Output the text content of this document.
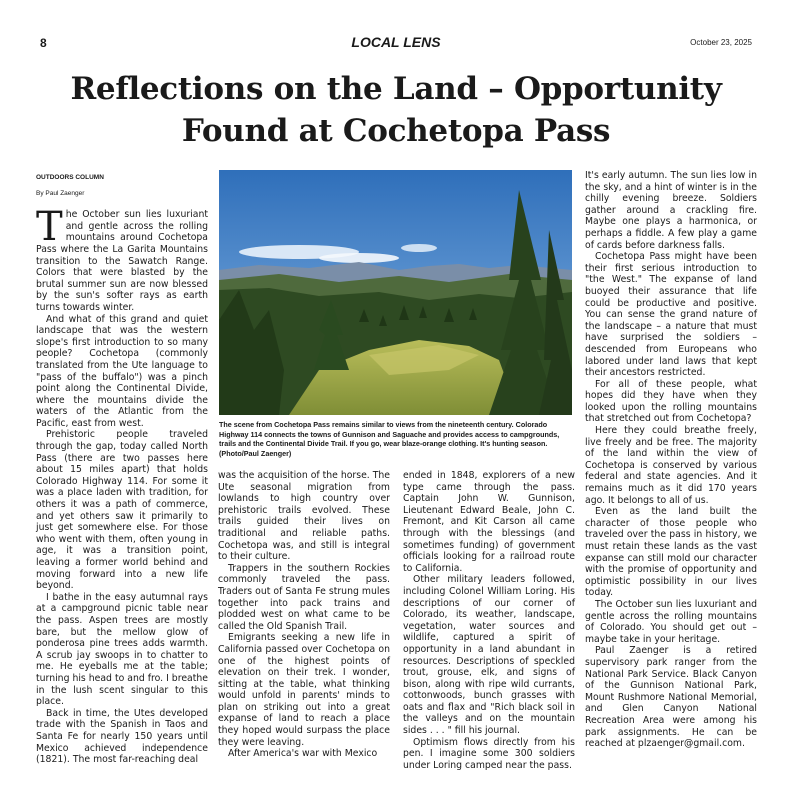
8	LOCAL LENS	October 23, 2025
Reflections on the Land – Opportunity Found at Cochetopa Pass
OUTDOORS COLUMN
By Paul Zaenger

The October sun lies luxuriant and gentle across the rolling mountains around Cochetopa Pass where the La Garita Mountains transition to the Sawatch Range. Colors that were blasted by the brutal summer sun are now blessed by the sun's softer rays as earth turns towards winter.

And what of this grand and quiet landscape that was the western slope's first introduction to so many people? Cochetopa (commonly translated from the Ute language to "pass of the buffalo") was a pinch point along the Continental Divide, where the mountains divide the waters of the Atlantic from the Pacific, east from west.

Prehistoric people traveled through the gap, today called North Pass (there are two passes here about 15 miles apart) that holds Colorado Highway 114. For some it was a place laden with tradition, for others it was a path of commerce, and yet others saw it primarily to just get somewhere else. For those who went with them, often young in age, it was a transition point, leaving a former world behind and moving forward into a new life beyond.

I bathe in the easy autumnal rays at a campground picnic table near the pass. Aspen trees are mostly bare, but the mellow glow of ponderosa pine trees adds warmth. A scrub jay swoops in to chatter to me. He eyeballs me at the table; turning his head to and fro. I breathe in the lush scent singular to this place.

Back in time, the Utes developed trade with the Spanish in Taos and Santa Fe for nearly 150 years until Mexico achieved independence (1821). The most far-reaching deal

The scene from Cochetopa Pass remains similar to views from the nineteenth century. Colorado Highway 114 connects the towns of Gunnison and Saguache and provides access to campgrounds, trails and the Continental Divide Trail. If you go, wear blaze-orange clothing. It's hunting season. (Photo/Paul Zaenger)

was the acquisition of the horse. The Ute seasonal migration from lowlands to high country over prehistoric trails evolved. These trails guided their lives on traditional and reliable paths. Cochetopa was, and still is integral to their culture.

Trappers in the southern Rockies commonly traveled the pass. Traders out of Santa Fe strung mules together into pack trains and plodded west on what came to be called the Old Spanish Trail.

Emigrants seeking a new life in California passed over Cochetopa on one of the highest points of elevation on their trek. I wonder, sitting at the table, what thinking would unfold in parents' minds to plan on striking out into a great expanse of land to reach a place they hoped would surpass the place they were leaving.

After America's war with Mexico

ended in 1848, explorers of a new type came through the pass. Captain John W. Gunnison, Lieutenant Edward Beale, John C. Fremont, and Kit Carson all came through with the blessings (and sometimes funding) of government officials looking for a railroad route to California.

Other military leaders followed, including Colonel William Loring. His descriptions of our corner of Colorado, its weather, landscape, vegetation, water sources and wildlife, captured a spirit of opportunity in a land abundant in resources. Descriptions of speckled trout, grouse, elk, and signs of bison, along with ripe wild currants, cottonwoods, bunch grasses with oats and flax and "Rich black soil in the valleys and on the mountain sides . . . " fill his journal.

Optimism flows directly from his pen. I imagine some 300 soldiers under Loring camped near the pass.

It's early autumn. The sun lies low in the sky, and a hint of winter is in the chilly evening breeze. Soldiers gather around a crackling fire. Maybe one plays a harmonica, or perhaps a fiddle. A few play a game of cards before darkness falls.

Cochetopa Pass might have been their first serious introduction to "the West." The expanse of land buoyed their assurance that life could be productive and positive. You can sense the grand nature of the landscape – a nature that must have surprised the soldiers – descended from Europeans who labored under land laws that kept their ancestors restricted.

For all of these people, what hopes did they have when they looked upon the rolling mountains that stretched out from Cochetopa?

Here they could breathe freely, live freely and be free. The majority of the land within the view of Cochetopa is conserved by various federal and state agencies. And it remains much as it did 170 years ago. It belongs to all of us.

Even as the land built the character of those people who traveled over the pass in history, we must retain these lands as the vast expanse can still mold our character with the promise of opportunity and optimistic possibility in our lives today.

The October sun lies luxuriant and gentle across the rolling mountains of Colorado. You should get out – maybe take in your heritage.

Paul Zaenger is a retired supervisory park ranger from the National Park Service. Black Canyon of the Gunnison National Park, Mount Rushmore National Memorial, and Glen Canyon National Recreation Area were among his park assignments. He can be reached at plzaenger@gmail.com.
